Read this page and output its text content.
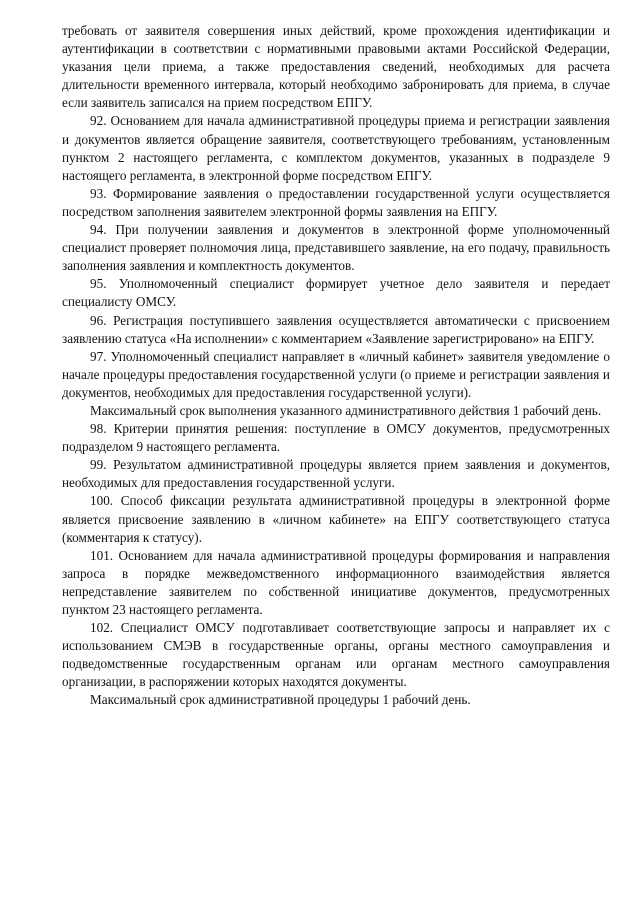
требовать от заявителя совершения иных действий, кроме прохождения идентификации и аутентификации в соответствии с нормативными правовыми актами Российской Федерации, указания цели приема, а также предоставления сведений, необходимых для расчета длительности временного интервала, который необходимо забронировать для приема, в случае если заявитель записался на прием посредством ЕПГУ.

92. Основанием для начала административной процедуры приема и регистрации заявления и документов является обращение заявителя, соответствующего требованиям, установленным пунктом 2 настоящего регламента, с комплектом документов, указанных в подразделе 9 настоящего регламента, в электронной форме посредством ЕПГУ.

93. Формирование заявления о предоставлении государственной услуги осуществляется посредством заполнения заявителем электронной формы заявления на ЕПГУ.

94. При получении заявления и документов в электронной форме уполномоченный специалист проверяет полномочия лица, представившего заявление, на его подачу, правильность заполнения заявления и комплектность документов.

95. Уполномоченный специалист формирует учетное дело заявителя и передает специалисту ОМСУ.

96. Регистрация поступившего заявления осуществляется автоматически с присвоением заявлению статуса «На исполнении» с комментарием «Заявление зарегистрировано» на ЕПГУ.

97. Уполномоченный специалист направляет в «личный кабинет» заявителя уведомление о начале процедуры предоставления государственной услуги (о приеме и регистрации заявления и документов, необходимых для предоставления государственной услуги).

Максимальный срок выполнения указанного административного действия 1 рабочий день.

98. Критерии принятия решения: поступление в ОМСУ документов, предусмотренных подразделом 9 настоящего регламента.

99. Результатом административной процедуры является прием заявления и документов, необходимых для предоставления государственной услуги.

100. Способ фиксации результата административной процедуры в электронной форме является присвоение заявлению в «личном кабинете» на ЕПГУ соответствующего статуса (комментария к статусу).

101. Основанием для начала административной процедуры формирования и направления запроса в порядке межведомственного информационного взаимодействия является непредставление заявителем по собственной инициативе документов, предусмотренных пунктом 23 настоящего регламента.

102. Специалист ОМСУ подготавливает соответствующие запросы и направляет их с использованием СМЭВ в государственные органы, органы местного самоуправления и подведомственные государственным органам или органам местного самоуправления организации, в распоряжении которых находятся документы.

Максимальный срок административной процедуры 1 рабочий день.
